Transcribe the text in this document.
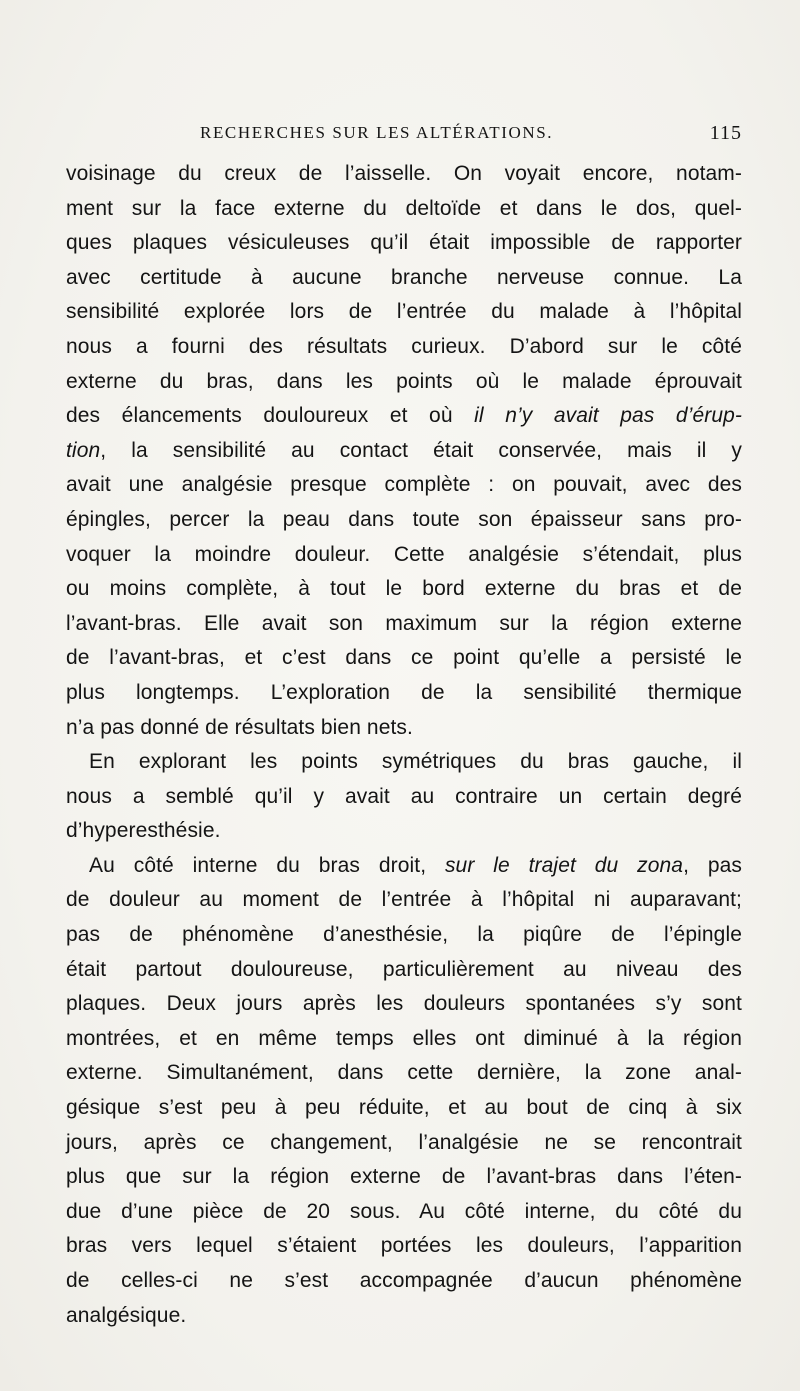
RECHERCHES SUR LES ALTÉRATIONS.	115
voisinage du creux de l’aisselle. On voyait encore, notam-
ment sur la face externe du deltoïde et dans le dos, quel-
ques plaques vésiculeuses qu’il était impossible de rapporter
avec certitude à aucune branche nerveuse connue. La
sensibilité explorée lors de l’entrée du malade à l’hôpital
nous a fourni des résultats curieux. D’abord sur le côté
externe du bras, dans les points où le malade éprouvait
des élancements douloureux et où il n’y avait pas d’érup-
tion, la sensibilité au contact était conservée, mais il y
avait une analgésie presque complète : on pouvait, avec des
épingles, percer la peau dans toute son épaisseur sans pro-
voquer la moindre douleur. Cette analgésie s’étendait, plus
ou moins complète, à tout le bord externe du bras et de
l’avant-bras. Elle avait son maximum sur la région externe
de l’avant-bras, et c’est dans ce point qu’elle a persisté le
plus longtemps. L’exploration de la sensibilité thermique
n’a pas donné de résultats bien nets.
En explorant les points symétriques du bras gauche, il
nous a semblé qu’il y avait au contraire un certain degré
d’hyperesthésie.
Au côté interne du bras droit, sur le trajet du zona, pas
de douleur au moment de l’entrée à l’hôpital ni auparavant;
pas de phénomène d’anesthésie, la piqûre de l’épingle
était partout douloureuse, particulièrement au niveau des
plaques. Deux jours après les douleurs spontanées s’y sont
montrées, et en même temps elles ont diminué à la région
externe. Simultanément, dans cette dernière, la zone anal-
gésique s’est peu à peu réduite, et au bout de cinq à six
jours, après ce changement, l’analgésie ne se rencontrait
plus que sur la région externe de l’avant-bras dans l’éten-
due d’une pièce de 20 sous. Au côté interne, du côté du
bras vers lequel s’étaient portées les douleurs, l’apparition
de celles-ci ne s’est accompagnée d’aucun phénomène
analgésique.
